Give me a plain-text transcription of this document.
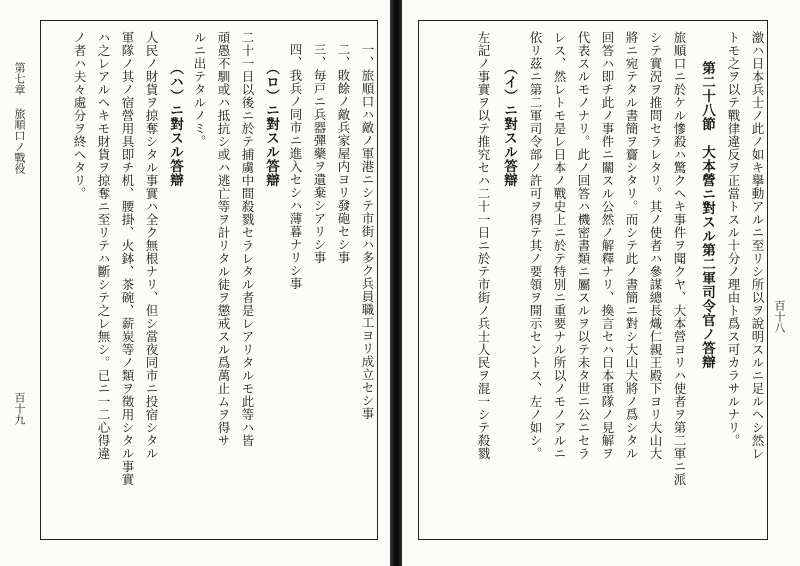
第七章 旅順口ノ戰役
百十九	一、旅順口ハ敵ノ軍港ニシテ市街ハ多ク兵員職工ヨリ成立セシ事
二、敗餘ノ敵兵家屋内ヨリ發砲セシ事
三、毎戸ニ兵器彈藥ヲ遺棄シアリシ事
四、我兵ノ同市ニ進入セシハ薄暮ナリシ事
（ロ）ニ對スル答辯
二十一日以後ニ於テ捕虜中間殺戮セラレタル者是レアリタルモ此等ハ皆
頑愚不馴或ハ抵抗シ或ハ逃亡等ヲ計リタル徒ヲ懲戒スル爲萬止ムヲ得サ
ルニ出テタルノミ。
（ハ）ニ對スル答辯
人民ノ財貨ヲ掠奪シタル事實ハ全ク無根ナリ、但シ當夜同市ニ投宿シタル
軍隊ノ其ノ宿營用具即チ机、腰掛、火鉢、茶碗、薪炭等ノ類ヲ徵用シタル事實
ハ之レアルヘキモ財貨ヲ掠奪ニ至リテハ斷シテ之レ無シ。已ニ一二心得違
ノ者ハ夫々處分ヲ終ヘタリ。
百十八
激ハ日本兵士ノ此ノ如キ擧動アルニ至リシ所以ヲ說明スルニ足ルヘシ然レ
トモ之ヲ以テ戰律違反ヲ正當トスル十分ノ理由ト爲ス可カラサルナリ。
第二十八節　大本營ニ對スル第二軍司令官ノ答辯
旅順口ニ於ケル慘殺ハ驚クヘキ事件ヲ聞クヤ、大本營ヨリハ使者ヲ第二軍ニ派
シテ實況ヲ推問セラレタリ。其ノ使者ハ參謀總長熾仁親王殿下ヨリ大山大
將ニ宛テタル書簡ヲ齎シタリ。而シテ此ノ書簡ニ對シ大山大將ノ爲シタル
回答ハ即チ此ノ事件ニ關スル公然ノ解釋ナリ、換言セハ日本軍隊ノ見解ヲ
代表スルモノナリ。此ノ回答ハ機密書類ニ屬スルヲ以テ未タ世ニ公ニセラ
レス、然レトモ是レ日本ノ戰史上ニ於テ特別ニ重要ナル所以ノモノアルニ
依リ茲ニ第二軍司令部ノ許可ヲ得テ其ノ要領ヲ開示セントス、左ノ如シ。
（イ）ニ對スル答辯
左記ノ事實ヲ以テ推究セハ二十一日ニ於テ市街ノ兵士人民ヲ混一シテ殺戮
